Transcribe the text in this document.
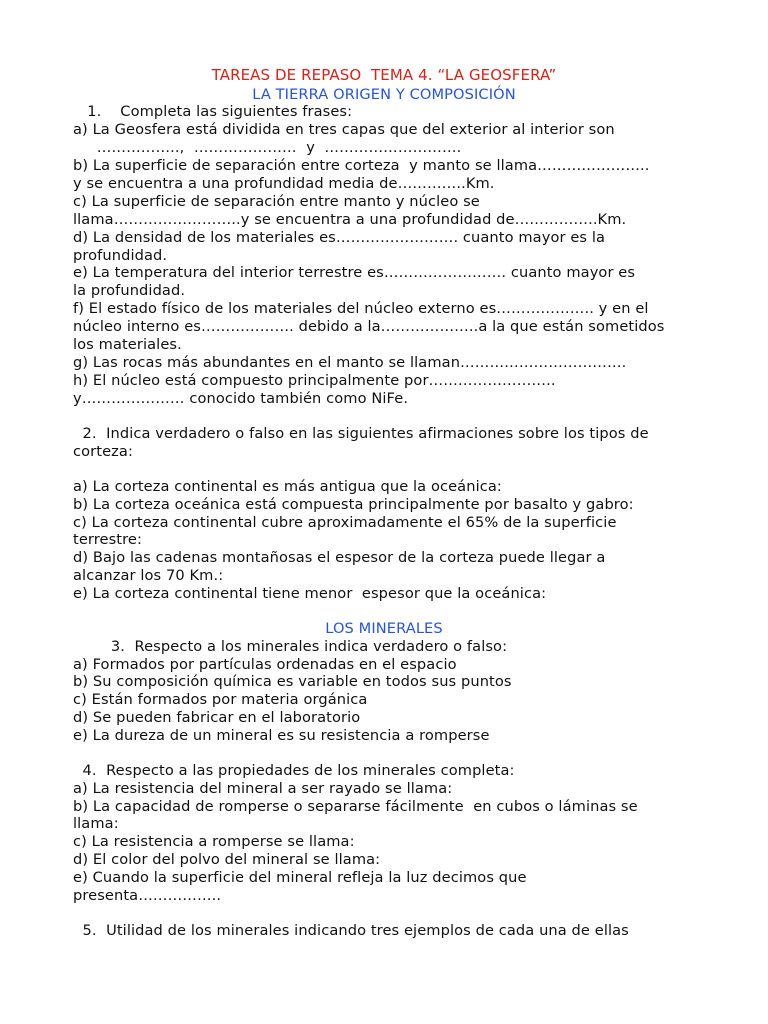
TAREAS DE REPASO  TEMA 4. “LA GEOSFERA”
LA TIERRA ORIGEN Y COMPOSICIÓN
1.    Completa las siguientes frases:
a) La Geosfera está dividida en tres capas que del exterior al interior son
……………..,  …………………  y  ……………………….
b) La superficie de separación entre corteza  y manto se llama…………………..
y se encuentra a una profundidad media de…………..Km.
c) La superficie de separación entre manto y núcleo se
llama……………………..y se encuentra a una profundidad de……………..Km.
d) La densidad de los materiales es……………………. cuanto mayor es la
profundidad.
e) La temperatura del interior terrestre es……………………. cuanto mayor es
la profundidad.
f) El estado físico de los materiales del núcleo externo es……………….. y en el
núcleo interno es………………. debido a la………………..a la que están sometidos
los materiales.
g) Las rocas más abundantes en el manto se llaman…………………………….
h) El núcleo está compuesto principalmente por……………………..
y………………… conocido también como NiFe.
2.  Indica verdadero o falso en las siguientes afirmaciones sobre los tipos de
corteza:
a) La corteza continental es más antigua que la oceánica:
b) La corteza oceánica está compuesta principalmente por basalto y gabro:
c) La corteza continental cubre aproximadamente el 65% de la superficie
terrestre:
d) Bajo las cadenas montañosas el espesor de la corteza puede llegar a
alcanzar los 70 Km.:
e) La corteza continental tiene menor  espesor que la oceánica:
LOS MINERALES
3.  Respecto a los minerales indica verdadero o falso:
a) Formados por partículas ordenadas en el espacio
b) Su composición química es variable en todos sus puntos
c) Están formados por materia orgánica
d) Se pueden fabricar en el laboratorio
e) La dureza de un mineral es su resistencia a romperse
4.  Respecto a las propiedades de los minerales completa:
a) La resistencia del mineral a ser rayado se llama:
b) La capacidad de romperse o separarse fácilmente  en cubos o láminas se
llama:
c) La resistencia a romperse se llama:
d) El color del polvo del mineral se llama:
e) Cuando la superficie del mineral refleja la luz decimos que
presenta……………..
5.  Utilidad de los minerales indicando tres ejemplos de cada una de ellas
